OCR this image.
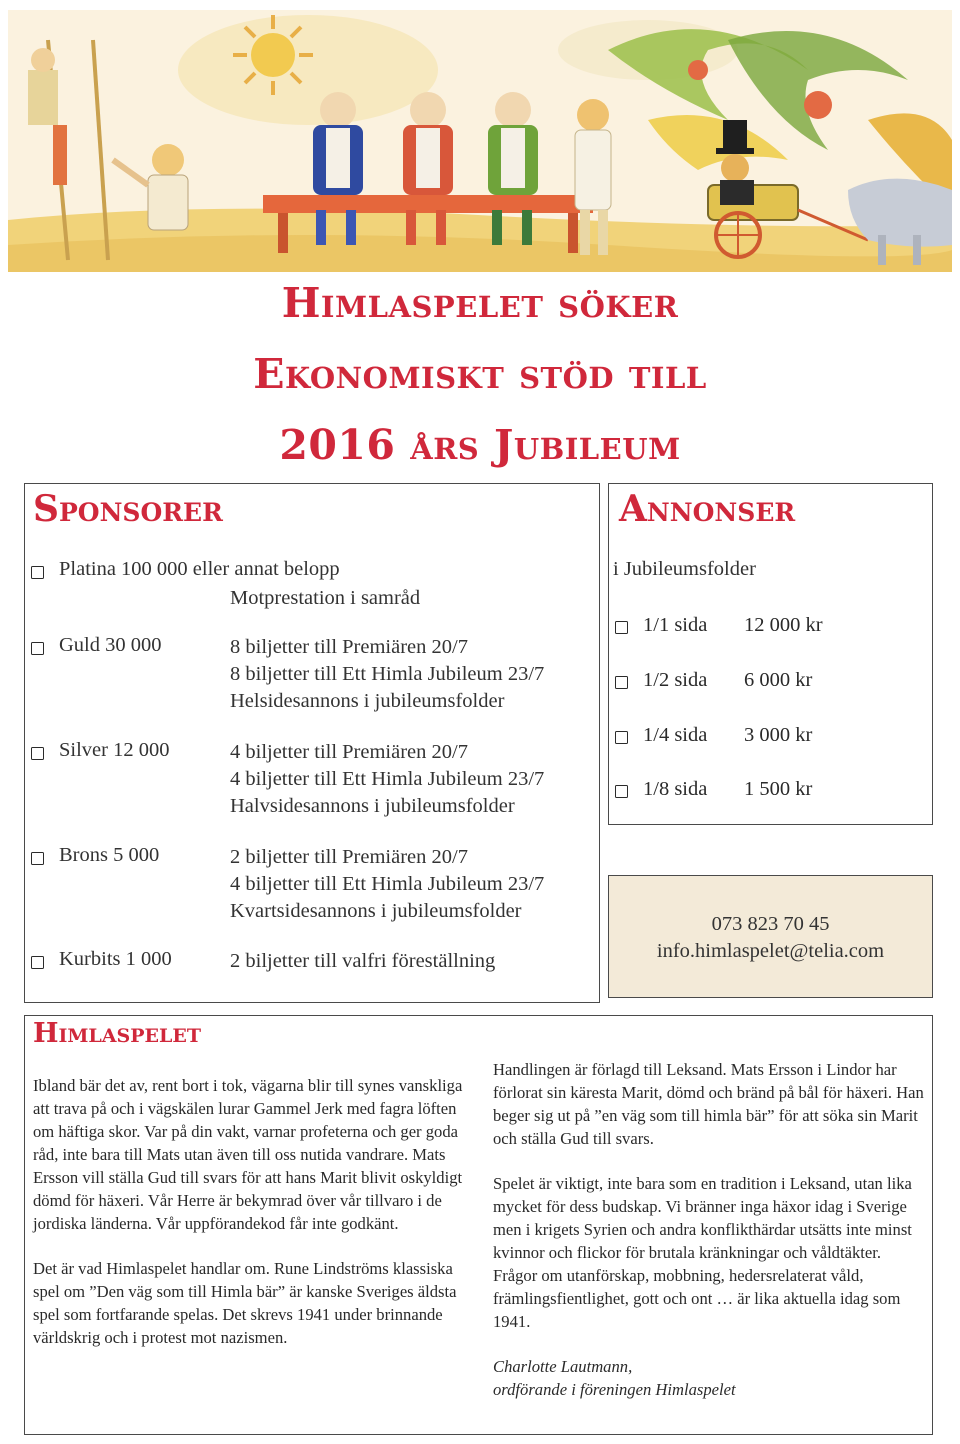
Himlaspelet söker
Ekonomiskt stöd till
2016 års Jubileum
Sponsorer
Platina 100 000 eller annat belopp
Motprestation i samråd
Guld 30 000	8 biljetter till Premiären 20/7
8 biljetter till Ett Himla Jubileum 23/7
Helsidesannons i jubileumsfolder
Silver 12 000	4 biljetter till Premiären 20/7
4 biljetter till Ett Himla Jubileum 23/7
Halvsidesannons i jubileumsfolder
Brons 5 000	2 biljetter till Premiären 20/7
4 biljetter till Ett Himla Jubileum 23/7
Kvartsidesannons i jubileumsfolder
Kurbits 1 000	2 biljetter till valfri föreställning
Annonser
i Jubileumsfolder
1/1 sida 12 000 kr
1/2 sida 6 000 kr
1/4 sida 3 000 kr
1/8 sida 1 500 kr
073 823 70 45
info.himlaspelet@telia.com
Himlaspelet

Ibland bär det av, rent bort i tok, vägarna blir till synes vanskliga att trava på och i vägskälen lurar Gammel Jerk med fagra löften om häftiga skor. Var på din vakt, varnar profeterna och ger goda råd, inte bara till Mats utan även till oss nutida vandrare. Mats Ersson vill ställa Gud till svars för att hans Marit blivit oskyldigt dömd för häxeri. Vår Herre är bekymrad över vår tillvaro i de jordiska länderna. Vår uppförandekod får inte godkänt.

Det är vad Himlaspelet handlar om. Rune Lindströms klassiska spel om ”Den väg som till Himla bär” är kanske Sveriges äldsta spel som fortfarande spelas. Det skrevs 1941 under brinnande världskrig och i protest mot nazismen.

Handlingen är förlagd till Leksand. Mats Ersson i Lindor har förlorat sin käresta Marit, dömd och bränd på bål för häxeri. Han beger sig ut på ”en väg som till himla bär” för att söka sin Marit och ställa Gud till svars.

Spelet är viktigt, inte bara som en tradition i Leksand, utan lika mycket för dess budskap. Vi bränner inga häxor idag i Sverige men i krigets Syrien och andra konflikthärdar utsätts inte minst kvinnor och flickor för brutala kränkningar och våldtäkter. Frågor om utanförskap, mobbning, hedersrelaterat våld, främlingsfientlighet, gott och ont … är lika aktuella idag som 1941.

Charlotte Lautmann,
ordförande i föreningen Himlaspelet
